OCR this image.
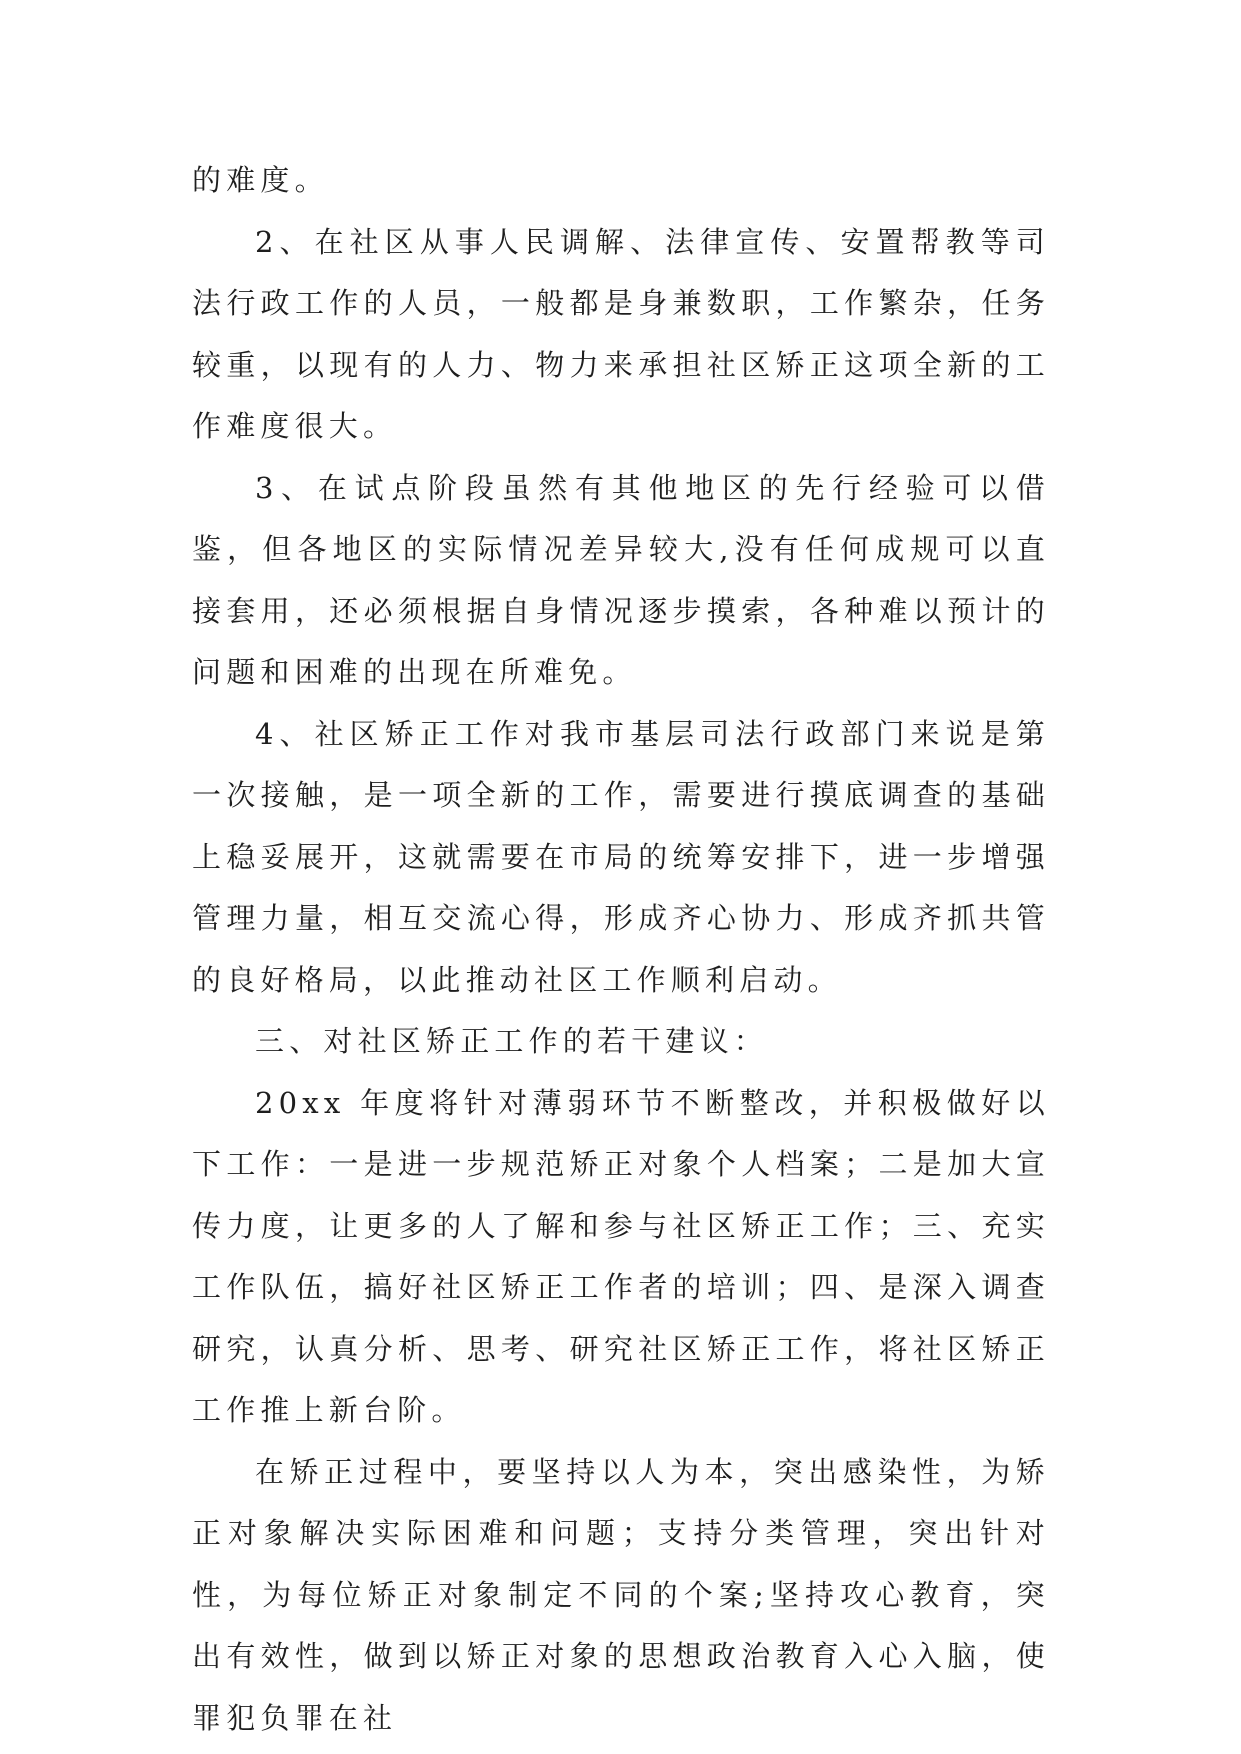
的难度。

2、在社区从事人民调解、法律宣传、安置帮教等司法行政工作的人员，一般都是身兼数职，工作繁杂，任务较重，以现有的人力、物力来承担社区矫正这项全新的工作难度很大。

3、在试点阶段虽然有其他地区的先行经验可以借鉴，但各地区的实际情况差异较大,没有任何成规可以直接套用，还必须根据自身情况逐步摸索，各种难以预计的问题和困难的出现在所难免。

4、社区矫正工作对我市基层司法行政部门来说是第一次接触，是一项全新的工作，需要进行摸底调查的基础上稳妥展开，这就需要在市局的统筹安排下，进一步增强管理力量，相互交流心得，形成齐心协力、形成齐抓共管的良好格局，以此推动社区工作顺利启动。

三、对社区矫正工作的若干建议：

20xx 年度将针对薄弱环节不断整改，并积极做好以下工作：一是进一步规范矫正对象个人档案；二是加大宣传力度，让更多的人了解和参与社区矫正工作；三、充实工作队伍，搞好社区矫正工作者的培训；四、是深入调查研究，认真分析、思考、研究社区矫正工作，将社区矫正工作推上新台阶。

在矫正过程中，要坚持以人为本，突出感染性，为矫正对象解决实际困难和问题；支持分类管理，突出针对性，为每位矫正对象制定不同的个案;坚持攻心教育，突出有效性，做到以矫正对象的思想政治教育入心入脑，使罪犯负罪在社
